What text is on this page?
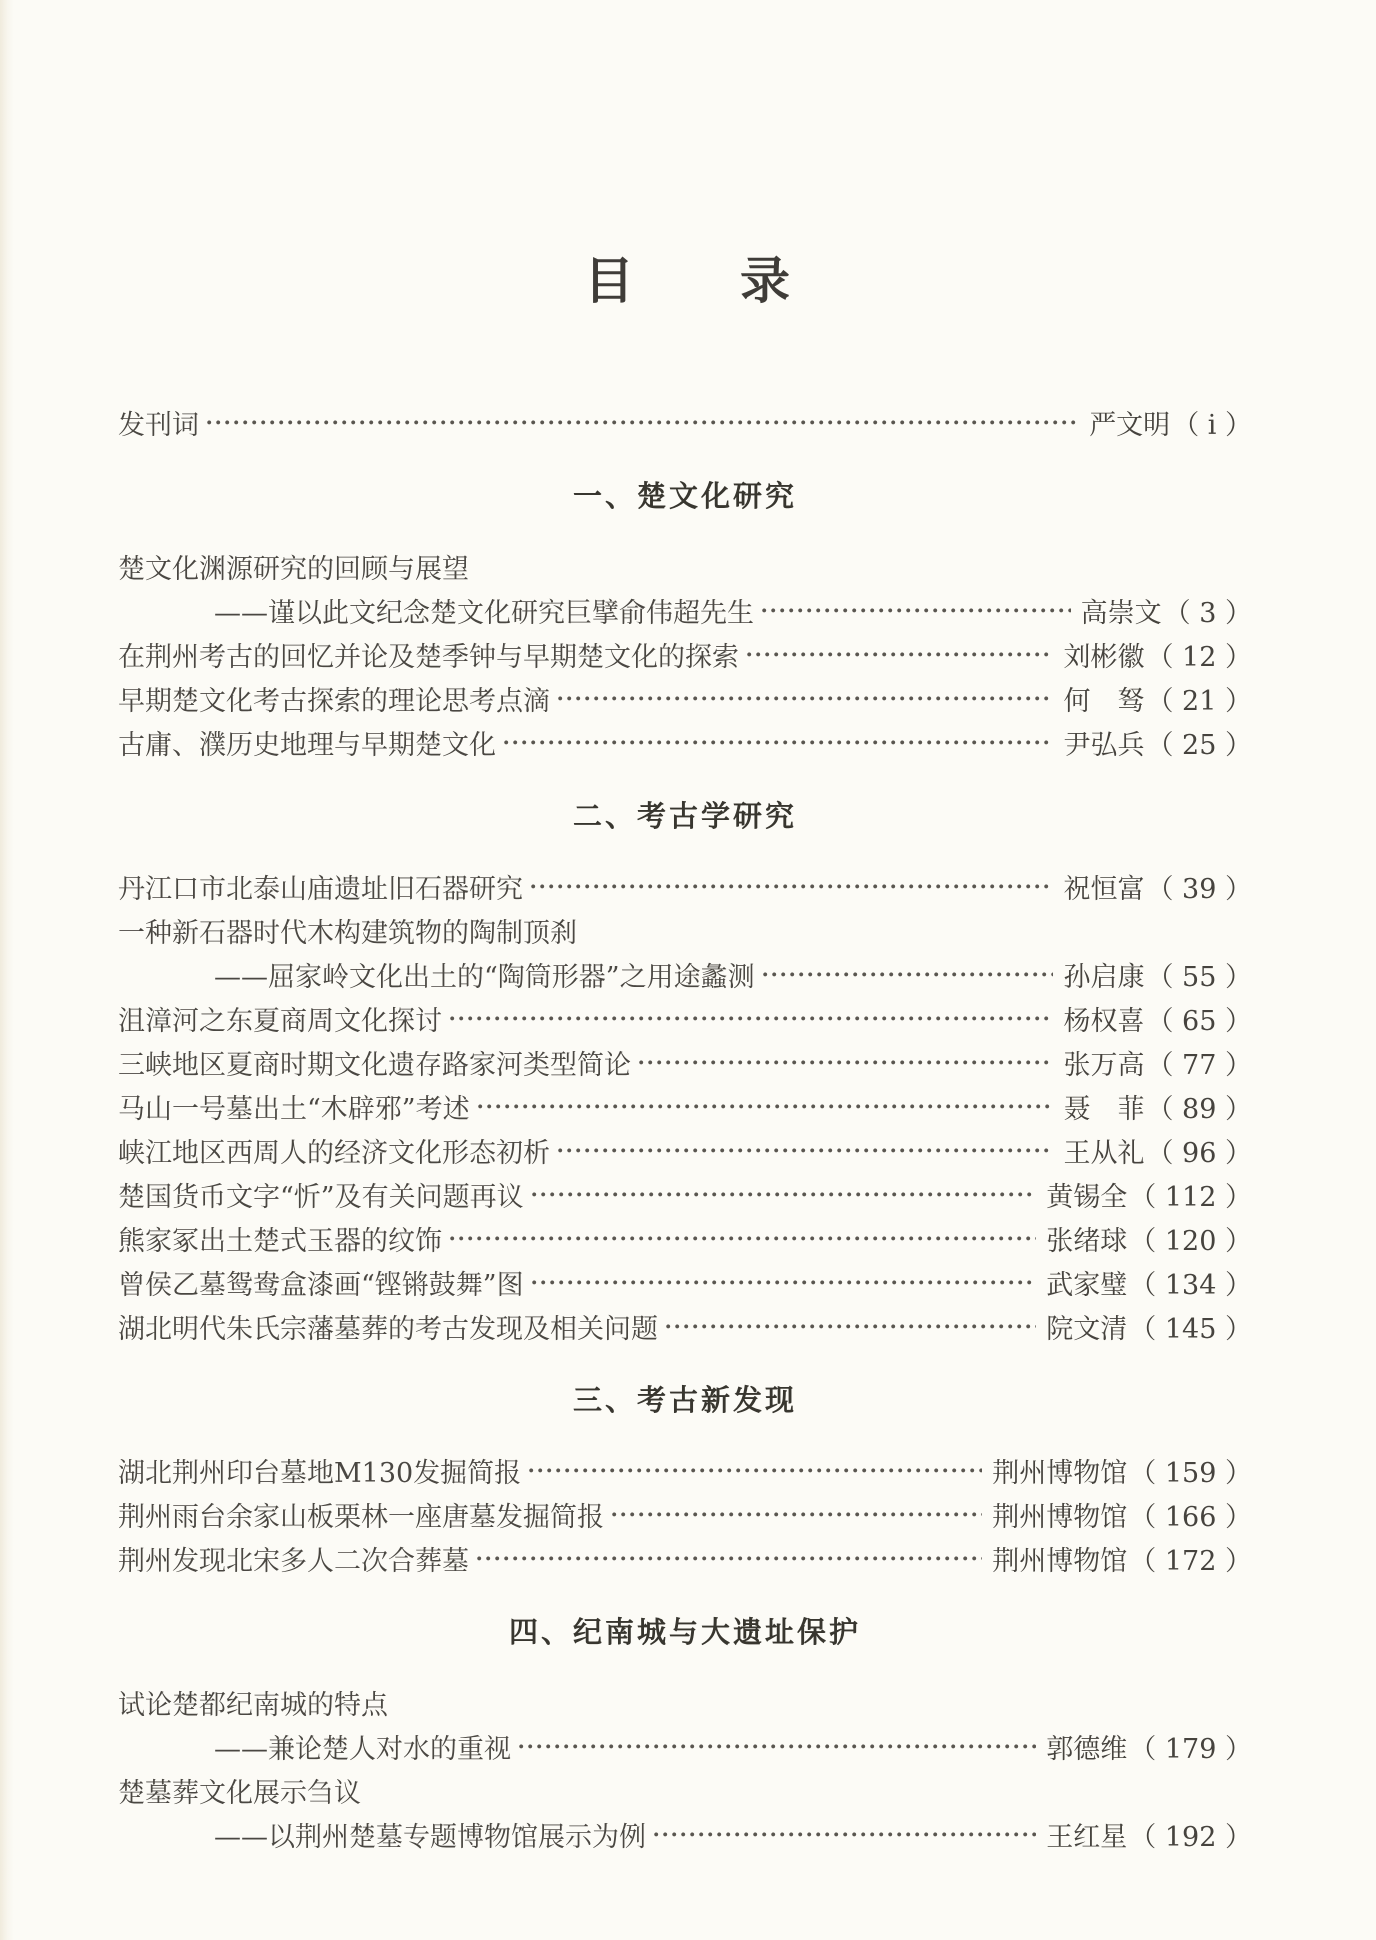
目　　录
发刊词	严文明 （ ⅰ ）
一、楚文化研究
楚文化渊源研究的回顾与展望
——谨以此文纪念楚文化研究巨擘俞伟超先生	高崇文 （ 3 ）
在荆州考古的回忆并论及楚季钟与早期楚文化的探索	刘彬徽 （ 12 ）
早期楚文化考古探索的理论思考点滴	何　驽 （ 21 ）
古庸、濮历史地理与早期楚文化	尹弘兵 （ 25 ）
二、考古学研究
丹江口市北泰山庙遗址旧石器研究	祝恒富 （ 39 ）
一种新石器时代木构建筑物的陶制顶刹
——屈家岭文化出土的“陶筒形器”之用途蠡测	孙启康 （ 55 ）
沮漳河之东夏商周文化探讨	杨权喜 （ 65 ）
三峡地区夏商时期文化遗存路家河类型简论	张万高 （ 77 ）
马山一号墓出土“木辟邪”考述	聂　菲 （ 89 ）
峡江地区西周人的经济文化形态初析	王从礼 （ 96 ）
楚国货币文字“忻”及有关问题再议	黄锡全 （ 112 ）
熊家冢出土楚式玉器的纹饰	张绪球 （ 120 ）
曾侯乙墓鸳鸯盒漆画“铿锵鼓舞”图	武家璧 （ 134 ）
湖北明代朱氏宗藩墓葬的考古发现及相关问题	院文清 （ 145 ）
三、考古新发现
湖北荆州印台墓地M130发掘简报	荆州博物馆 （ 159 ）
荆州雨台余家山板栗林一座唐墓发掘简报	荆州博物馆 （ 166 ）
荆州发现北宋多人二次合葬墓	荆州博物馆 （ 172 ）
四、纪南城与大遗址保护
试论楚都纪南城的特点
——兼论楚人对水的重视	郭德维 （ 179 ）
楚墓葬文化展示刍议
——以荆州楚墓专题博物馆展示为例	王红星 （ 192 ）
